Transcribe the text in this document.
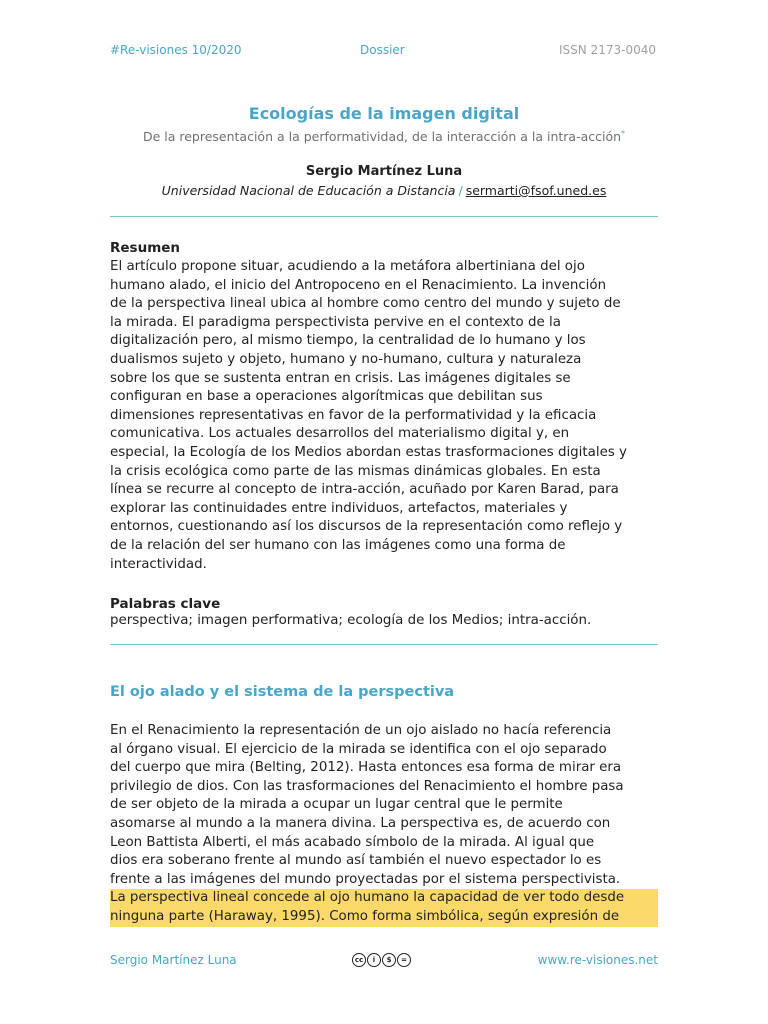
#Re-visiones 10/2020	Dossier	ISSN 2173-0040
Ecologías de la imagen digital
De la representación a la performatividad, de la interacción a la intra-acción*
Sergio Martínez Luna
Universidad Nacional de Educación a Distancia / sermarti@fsof.uned.es
Resumen
El artículo propone situar, acudiendo a la metáfora albertiniana del ojo
humano alado, el inicio del Antropoceno en el Renacimiento. La invención
de la perspectiva lineal ubica al hombre como centro del mundo y sujeto de
la mirada. El paradigma perspectivista pervive en el contexto de la
digitalización pero, al mismo tiempo, la centralidad de lo humano y los
dualismos sujeto y objeto, humano y no-humano, cultura y naturaleza
sobre los que se sustenta entran en crisis. Las imágenes digitales se
configuran en base a operaciones algorítmicas que debilitan sus
dimensiones representativas en favor de la performatividad y la eficacia
comunicativa. Los actuales desarrollos del materialismo digital y, en
especial, la Ecología de los Medios abordan estas trasformaciones digitales y
la crisis ecológica como parte de las mismas dinámicas globales. En esta
línea se recurre al concepto de intra-acción, acuñado por Karen Barad, para
explorar las continuidades entre individuos, artefactos, materiales y
entornos, cuestionando así los discursos de la representación como reflejo y
de la relación del ser humano con las imágenes como una forma de
interactividad.
Palabras clave
perspectiva; imagen performativa; ecología de los Medios; intra-acción.
El ojo alado y el sistema de la perspectiva
En el Renacimiento la representación de un ojo aislado no hacía referencia
al órgano visual. El ejercicio de la mirada se identifica con el ojo separado
del cuerpo que mira (Belting, 2012). Hasta entonces esa forma de mirar era
privilegio de dios. Con las trasformaciones del Renacimiento el hombre pasa
de ser objeto de la mirada a ocupar un lugar central que le permite
asomarse al mundo a la manera divina. La perspectiva es, de acuerdo con
Leon Battista Alberti, el más acabado símbolo de la mirada. Al igual que
dios era soberano frente al mundo así también el nuevo espectador lo es
frente a las imágenes del mundo proyectadas por el sistema perspectivista.
La perspectiva lineal concede al ojo humano la capacidad de ver todo desde
ninguna parte (Haraway, 1995). Como forma simbólica, según expresión de
Sergio Martínez Luna	cc	i	$	=	www.re-visiones.net
